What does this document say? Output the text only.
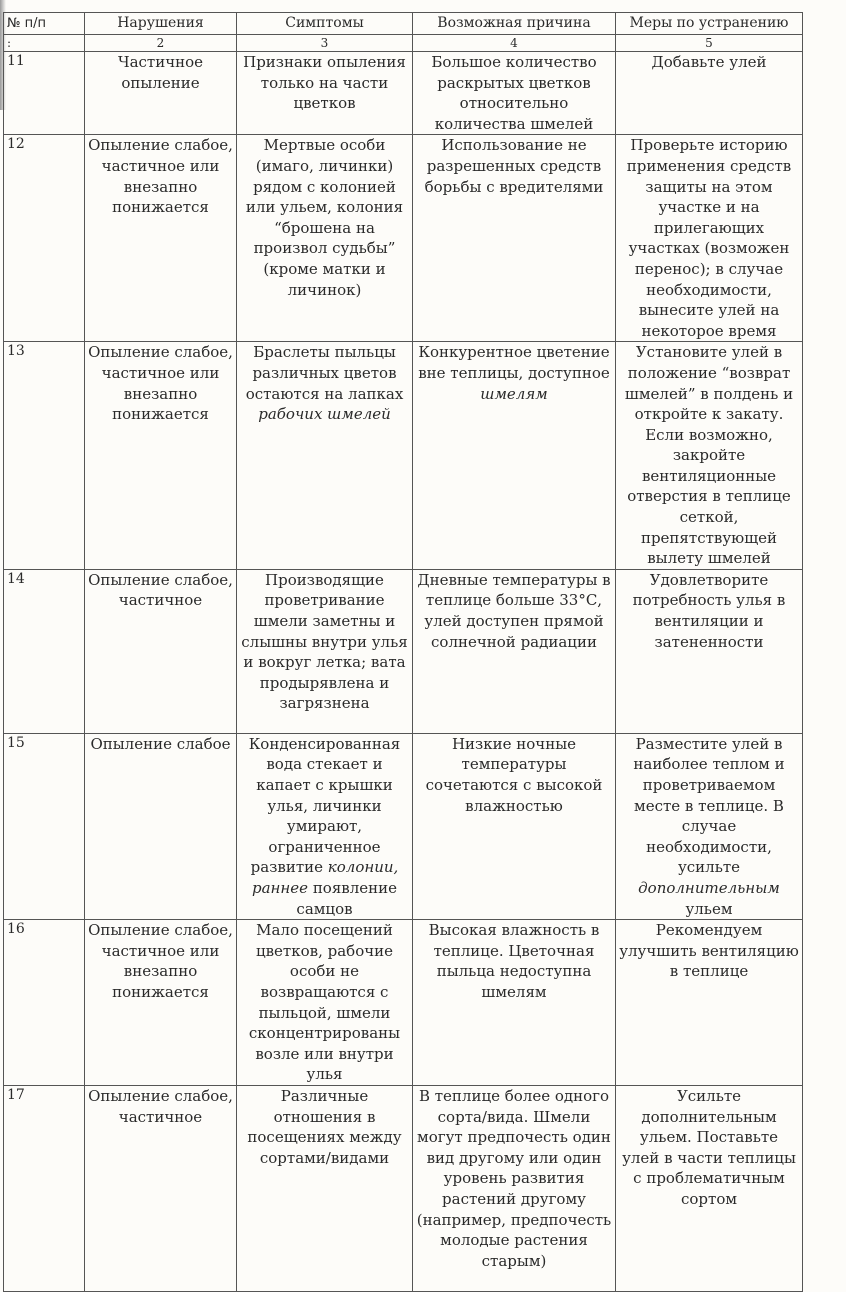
№ п/п	Нарушения	Симптомы	Возможная причина	Меры по устранению
:	2	3	4	5
11	Частичное опыление	Признаки опыления только на части цветков	Большое количество раскрытых цветков относительно количества шмелей	Добавьте улей
12	Опыление слабое, частичное или внезапно понижается	Мертвые особи (имаго, личинки) рядом с колонией или ульем, колония “брошена на произвол судьбы” (кроме матки и личинок)	Использование не разрешенных средств борьбы с вредителями	Проверьте историю применения средств защиты на этом участке и на прилегающих участках (возможен перенос); в случае необходимости, вынесите улей на некоторое время
13	Опыление слабое, частичное или внезапно понижается	Браслеты пыльцы различных цветов остаются на лапках рабочих шмелей	Конкурентное цветение вне теплицы, доступное шмелям	Установите улей в положение “возврат шмелей” в полдень и откройте к закату. Если возможно, закройте вентиляционные отверстия в теплице сеткой, препятствующей вылету шмелей
14	Опыление слабое, частичное	Производящие проветривание шмели заметны и слышны внутри улья и вокруг летка; вата продырявлена и загрязнена	Дневные температуры в теплице больше 33°С, улей доступен прямой солнечной радиации	Удовлетворите потребность улья в вентиляции и затененности
15	Опыление слабое	Конденсированная вода стекает и капает с крышки улья, личинки умирают, ограниченное развитие колонии, раннее появление самцов	Низкие ночные температуры сочетаются с высокой влажностью	Разместите улей в наиболее теплом и проветриваемом месте в теплице. В случае необходимости, усильте дополнительным ульем
16	Опыление слабое, частичное или внезапно понижается	Мало посещений цветков, рабочие особи не возвращаются с пыльцой, шмели сконцентрированы возле или внутри улья	Высокая влажность в теплице. Цветочная пыльца недоступна шмелям	Рекомендуем улучшить вентиляцию в теплице
17	Опыление слабое, частичное	Различные отношения в посещениях между сортами/видами	В теплице более одного сорта/вида. Шмели могут предпочесть один вид другому или один уровень развития растений другому (например, предпочесть молодые растения старым)	Усильте дополнительным ульем. Поставьте улей в части теплицы с проблематичным сортом
